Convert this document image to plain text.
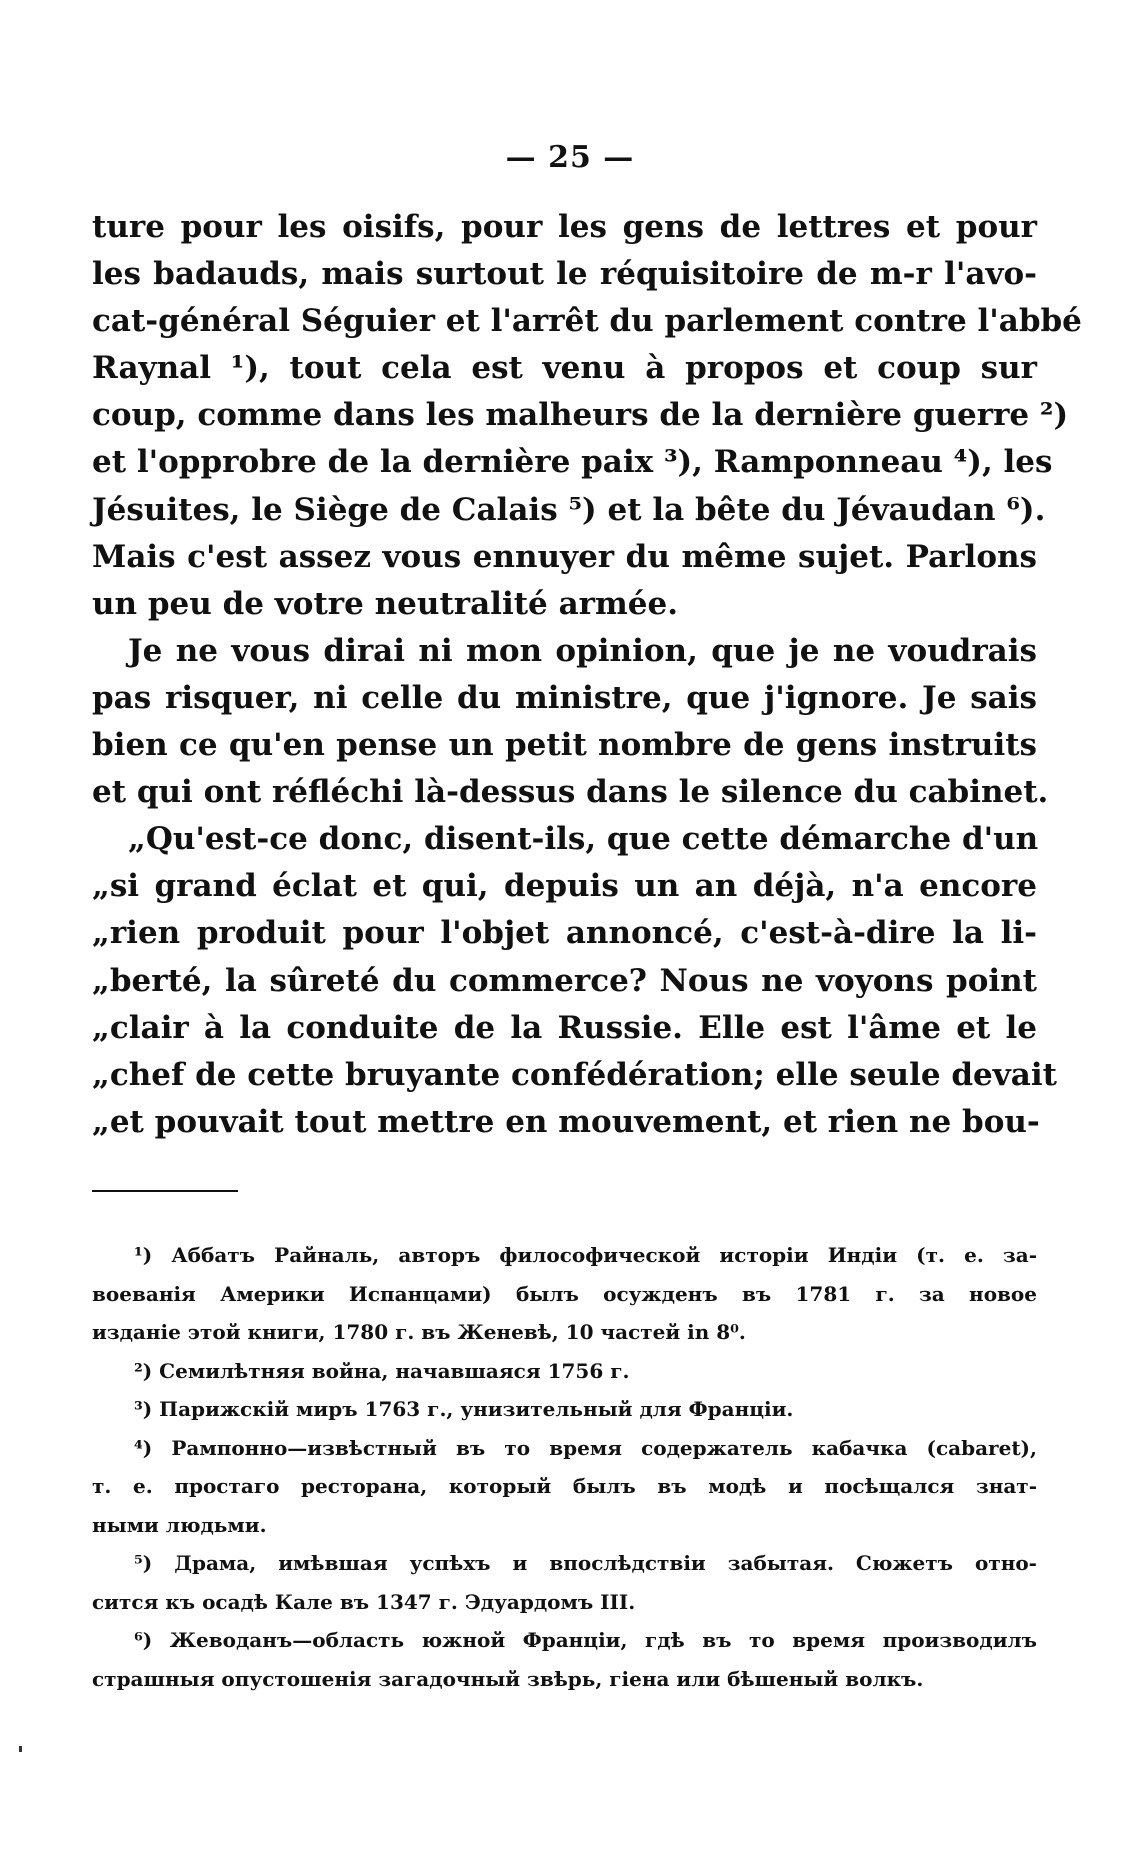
— 25 —
ture pour les oisifs, pour les gens de lettres et pour
les badauds, mais surtout le réquisitoire de m-r l'avo-
cat-général Séguier et l'arrêt du parlement contre l'abbé
Raynal ¹), tout cela est venu à propos et coup sur
coup, comme dans les malheurs de la dernière guerre ²)
et l'opprobre de la dernière paix ³), Ramponneau ⁴), les
Jésuites, le Siège de Calais ⁵) et la bête du Jévaudan ⁶).
Mais c'est assez vous ennuyer du même sujet. Parlons
un peu de votre neutralité armée.
Je ne vous dirai ni mon opinion, que je ne voudrais
pas risquer, ni celle du ministre, que j'ignore. Je sais
bien ce qu'en pense un petit nombre de gens instruits
et qui ont réfléchi là-dessus dans le silence du cabinet.
„Qu'est-ce donc, disent-ils, que cette démarche d'un
„si grand éclat et qui, depuis un an déjà, n'a encore
„rien produit pour l'objet annoncé, c'est-à-dire la li-
„berté, la sûreté du commerce? Nous ne voyons point
„clair à la conduite de la Russie. Elle est l'âme et le
„chef de cette bruyante confédération; elle seule devait
„et pouvait tout mettre en mouvement, et rien ne bou-
¹) Аббатъ Райналь, авторъ философической исторіи Индіи (т. е. за-
воеванія Америки Испанцами) былъ осужденъ въ 1781 г. за новое
изданіе этой книги, 1780 г. въ Женевѣ, 10 частей in 8⁰.
²) Семилѣтняя война, начавшаяся 1756 г.
³) Парижскій миръ 1763 г., унизительный для Франціи.
⁴) Рампонно—извѣстный въ то время содержатель кабачка (cabaret),
т. е. простаго ресторана, который былъ въ модѣ и посѣщался знат-
ными людьми.
⁵) Драма, имѣвшая успѣхъ и впослѣдствіи забытая. Сюжетъ отно-
сится къ осадѣ Кале въ 1347 г. Эдуардомъ III.
⁶) Жеводанъ—область южной Франціи, гдѣ въ то время производилъ
страшныя опустошенія загадочный звѣрь, гіена или бѣшеный волкъ.
